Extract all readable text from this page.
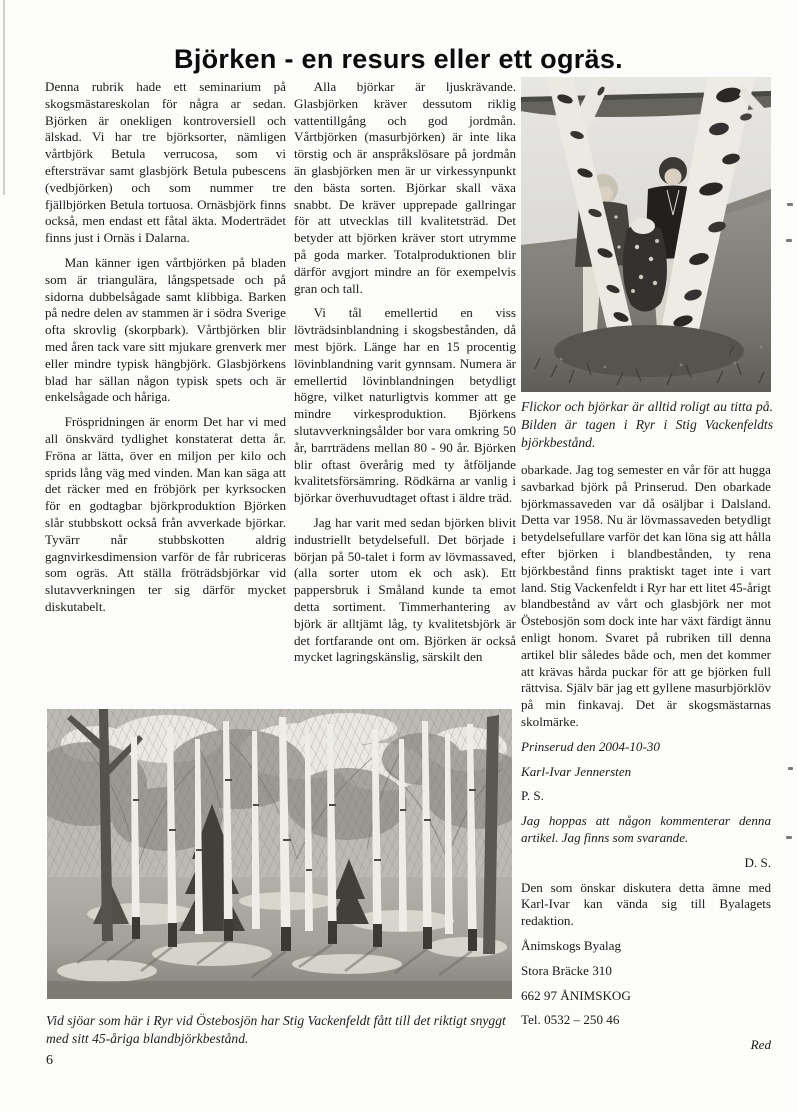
Björken - en resurs eller ett ogräs.

Denna rubrik hade ett seminarium på skogsmästareskolan för några ar sedan. Björken är onekligen kontroversiell och älskad. Vi har tre björksorter, nämligen vårtbjörk Betula verrucosa, som vi eftersträvar samt glasbjörk Betula pubescens (vedbjörken) och som nummer tre fjällbjörken Betula tortuosa. Ornäsbjörk finns också, men endast ett fåtal äkta. Moderträdet finns just i Ornäs i Dalarna.

Man känner igen vårtbjörken på bladen som är triangulära, långspetsade och på sidorna dubbelsågade samt klibbiga. Barken på nedre delen av stammen är i södra Sverige ofta skrovlig (skorpbark). Vårtbjörken blir med åren tack vare sitt mjukare grenverk mer eller mindre typisk hängbjörk. Glasbjörkens blad har sällan någon typisk spets och är enkelsågade och håriga.

Fröspridningen är enorm Det har vi med all önskvärd tydlighet konstaterat detta år. Fröna ar lätta, över en miljon per kilo och sprids lång väg med vinden. Man kan säga att det räcker med en fröbjörk per kyrksocken för en godtagbar björkproduktion Björken slår stubbskott också från avverkade björkar. Tyvärr når stubbskotten aldrig gagnvirkesdimension varför de får rubriceras som ogräs. Att ställa fröträdsbjörkar vid slutavverkningen ter sig därför mycket diskutabelt.

Alla björkar är ljuskrävande. Glasbjörken kräver dessutom riklig vattentillgång och god jordmån. Vårtbjörken (masurbjörken) är inte lika törstig och är anspråkslösare på jordmån än glasbjörken men är ur virkessynpunkt den bästa sorten. Björkar skall växa snabbt. De kräver upprepade gallringar för att utvecklas till kvalitetsträd. Det betyder att björken kräver stort utrymme på goda marker. Totalproduktionen blir därför avgjort mindre an för exempelvis gran och tall.

Vi tål emellertid en viss lövträdsinblandning i skogsbestånden, då mest björk. Länge har en 15 procentig lövinblandning varit gynnsam. Numera är emellertid lövinblandningen betydligt högre, vilket naturligtvis kommer att ge mindre virkesproduktion. Björkens slutavverkningsålder bor vara omkring 50 år, barrträdens mellan 80 - 90 år. Björken blir oftast överårig med ty åtföljande kvalitetsförsämring. Rödkärna ar vanlig i björkar överhuvudtaget oftast i äldre träd.

Jag har varit med sedan björken blivit industriellt betydelsefull. Det började i början på 50-talet i form av lövmassaved, (alla sorter utom ek och ask). Ett pappersbruk i Småland kunde ta emot detta sortiment. Timmerhantering av björk är alltjämt låg, ty kvalitetsbjörk är det fortfarande ont om. Björken är också mycket lagringskänslig, särskilt den

Flickor och björkar är alltid roligt au titta på. Bilden är tagen i Ryr i Stig Vackenfeldts björkbestånd.

obarkade. Jag tog semester en vår för att hugga savbarkad björk på Prinserud. Den obarkade björkmassaveden var då osäljbar i Dalsland. Detta var 1958. Nu är lövmassaveden betydligt betydelsefullare varför det kan löna sig att hålla efter björken i blandbestånden, ty rena björkbestånd finns praktiskt taget inte i vart land. Stig Vackenfeldt i Ryr har ett litet 45-årigt blandbestånd av vårt och glasbjörk ner mot Östebosjön som dock inte har växt färdigt ännu enligt honom. Svaret på rubriken till denna artikel blir således både och, men det kommer att krävas hårda puckar för att ge björken full rättvisa. Själv bär jag ett gyllene masurbjörklöv på min finkavaj. Det är skogsmästarnas skolmärke.

Prinserud den 2004-10-30

Karl-Ivar Jennersten

P. S.

Jag hoppas att någon kommenterar denna artikel. Jag finns som svarande.

D. S.

Den som önskar diskutera detta ämne med Karl-Ivar kan vända sig till Byalagets redaktion.

Ånimskogs Byalag

Stora Bräcke 310

662 97 ÅNIMSKOG

Tel. 0532 – 250 46

Red

Vid sjöar som här i Ryr vid Östebosjön har Stig Vackenfeldt fått till det riktigt snyggt med sitt 45-åriga blandbjörkbestånd.
6
